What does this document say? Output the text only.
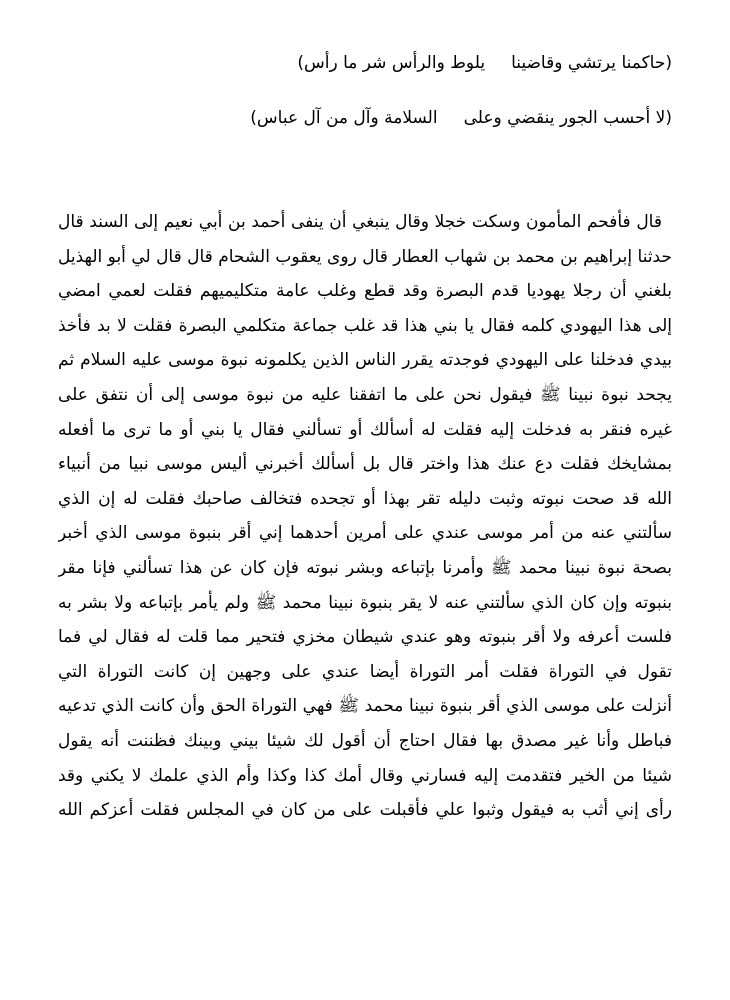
(حاكمنا يرتشي وقاضينايلوط والرأس شر ما رأس)
(لا أحسب الجور ينقضي وعلىالسلامة وآل من آل عباس)
قال فأفحم المأمون وسكت خجلا وقال ينبغي أن ينفى أحمد بن أبي نعيم إلى السند قال
حدثنا إبراهيم بن محمد بن شهاب العطار قال روى يعقوب الشحام قال قال لي أبو الهذيل
بلغني أن رجلا يهوديا قدم البصرة وقد قطع وغلب عامة متكليميهم فقلت لعمي امضي
إلى هذا اليهودي كلمه فقال يا بني هذا قد غلب جماعة متكلمي البصرة فقلت لا بد فأخذ
بيدي فدخلنا على اليهودي فوجدته يقرر الناس الذين يكلمونه نبوة موسى عليه السلام ثم
يجحد نبوة نبينا ﷺ فيقول نحن على ما اتفقنا عليه من نبوة موسى إلى أن نتفق على
غيره فنقر به فدخلت إليه فقلت له أسألك أو تسألني فقال يا بني أو ما ترى ما أفعله
بمشايخك فقلت دع عنك هذا واختر قال بل أسألك أخبرني أليس موسى نبيا من أنبياء
الله قد صحت نبوته وثبت دليله تقر بهذا أو تجحده فتخالف صاحبك فقلت له إن الذي
سألتني عنه من أمر موسى عندي على أمرين أحدهما إني أقر بنبوة موسى الذي أخبر
بصحة نبوة نبينا محمد ﷺ وأمرنا بإتباعه وبشر نبوته فإن كان عن هذا تسألني فإنا مقر
بنبوته وإن كان الذي سألتني عنه لا يقر بنبوة نبينا محمد ﷺ ولم يأمر بإتباعه ولا بشر به
فلست أعرفه ولا أقر بنبوته وهو عندي شيطان مخزي فتحير مما قلت له فقال لي فما
تقول في التوراة فقلت أمر التوراة أيضا عندي على وجهين إن كانت التوراة التي
أنزلت على موسى الذي أقر بنبوة نبينا محمد ﷺ فهي التوراة الحق وأن كانت الذي تدعيه
فباطل وأنا غير مصدق بها فقال احتاج أن أقول لك شيئا بيني وبينك فظننت أنه يقول
شيئا من الخير فتقدمت إليه فسارني وقال أمك كذا وكذا وأم الذي علمك لا يكني وقد
رأى إني أثب به فيقول وثبوا علي فأقبلت على من كان في المجلس فقلت أعزكم الله
